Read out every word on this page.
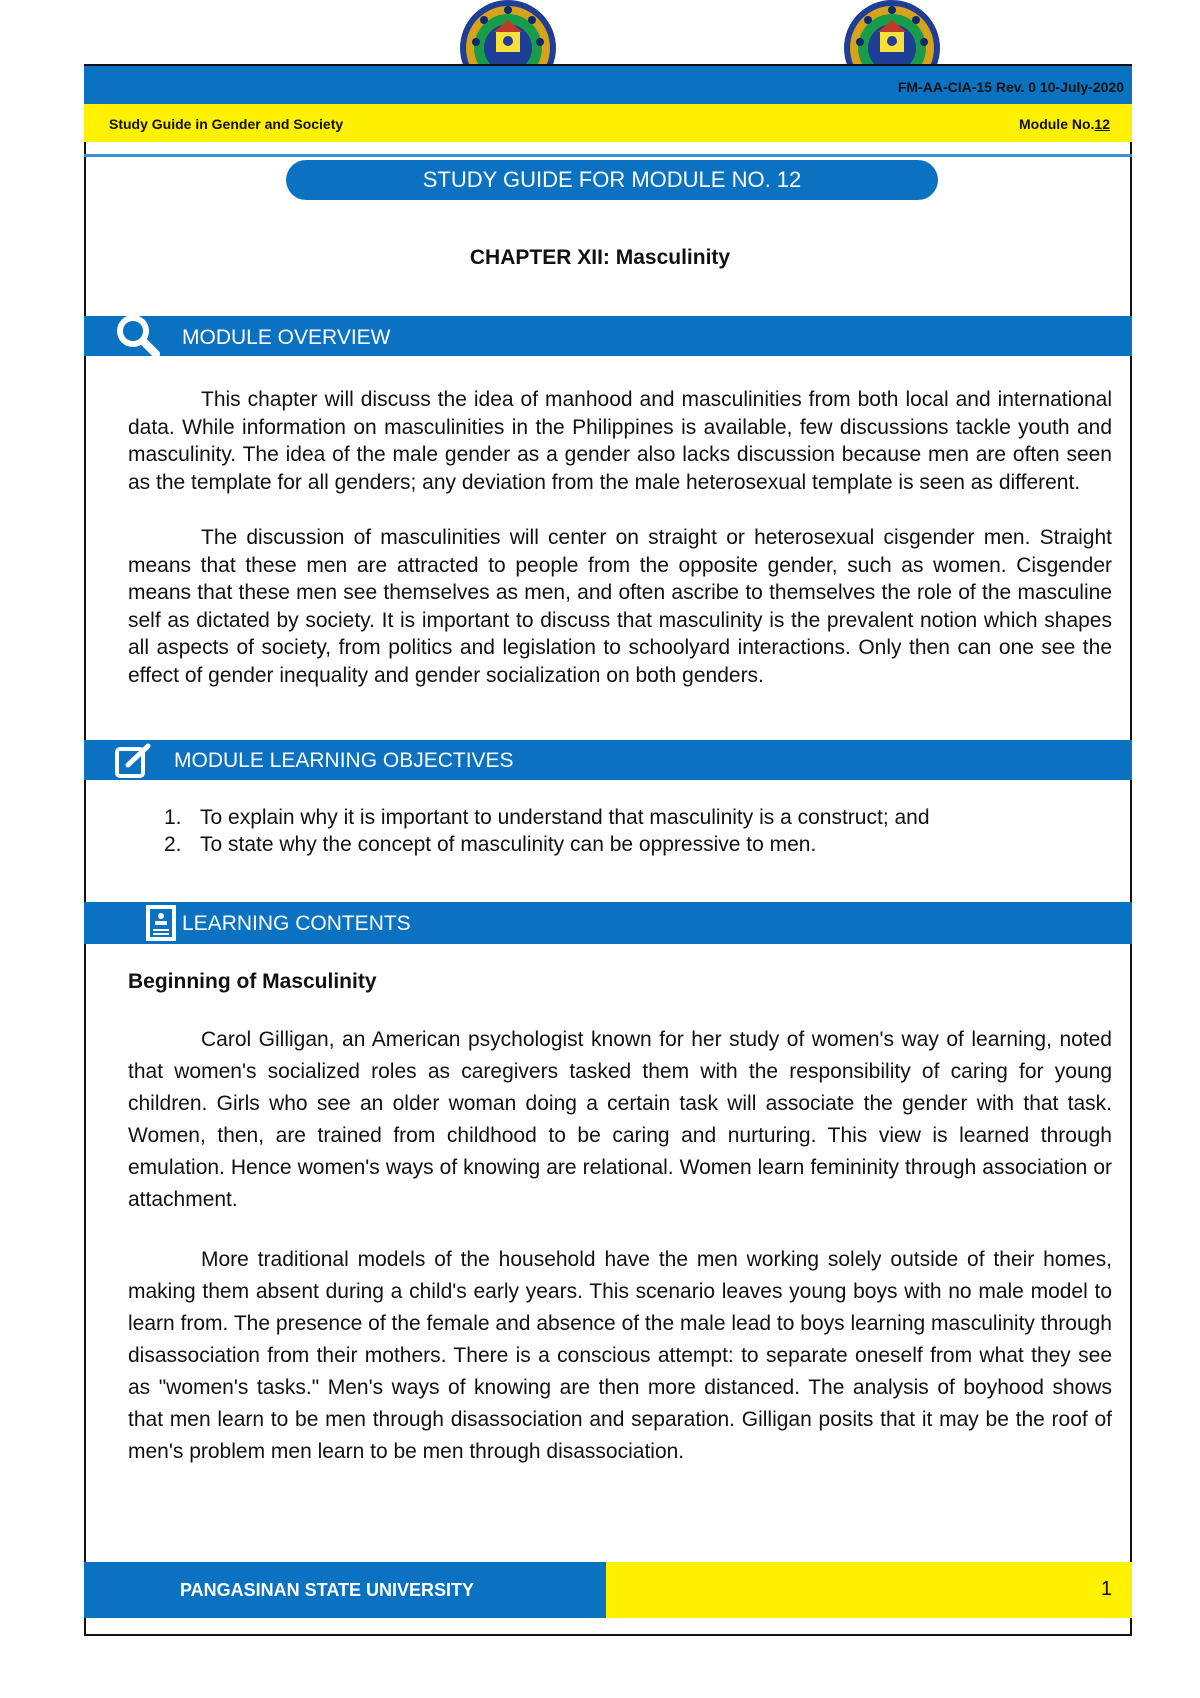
FM-AA-CIA-15 Rev. 0 10-July-2020
Study Guide in Gender and Society	Module No.12
STUDY GUIDE FOR MODULE NO. 12
CHAPTER XII: Masculinity
MODULE OVERVIEW

This chapter will discuss the idea of manhood and masculinities from both local and international data. While information on masculinities in the Philippines is available, few discussions tackle youth and masculinity. The idea of the male gender as a gender also lacks discussion because men are often seen as the template for all genders; any deviation from the male heterosexual template is seen as different.

The discussion of masculinities will center on straight or heterosexual cisgender men. Straight means that these men are attracted to people from the opposite gender, such as women. Cisgender means that these men see themselves as men, and often ascribe to themselves the role of the masculine self as dictated by society. It is important to discuss that masculinity is the prevalent notion which shapes all aspects of society, from politics and legislation to schoolyard interactions. Only then can one see the effect of gender inequality and gender socialization on both genders.

MODULE LEARNING OBJECTIVES
1. To explain why it is important to understand that masculinity is a construct; and
2. To state why the concept of masculinity can be oppressive to men.
LEARNING CONTENTS
Beginning of Masculinity

Carol Gilligan, an American psychologist known for her study of women's way of learning, noted that women's socialized roles as caregivers tasked them with the responsibility of caring for young children. Girls who see an older woman doing a certain task will associate the gender with that task. Women, then, are trained from childhood to be caring and nurturing. This view is learned through emulation. Hence women's ways of knowing are relational. Women learn femininity through association or attachment.

More traditional models of the household have the men working solely outside of their homes, making them absent during a child's early years. This scenario leaves young boys with no male model to learn from. The presence of the female and absence of the male lead to boys learning masculinity through disassociation from their mothers. There is a conscious attempt: to separate oneself from what they see as "women's tasks." Men's ways of knowing are then more distanced. The analysis of boyhood shows that men learn to be men through disassociation and separation. Gilligan posits that it may be the roof of men's problem men learn to be men through disassociation.

PANGASINAN STATE UNIVERSITY	1
